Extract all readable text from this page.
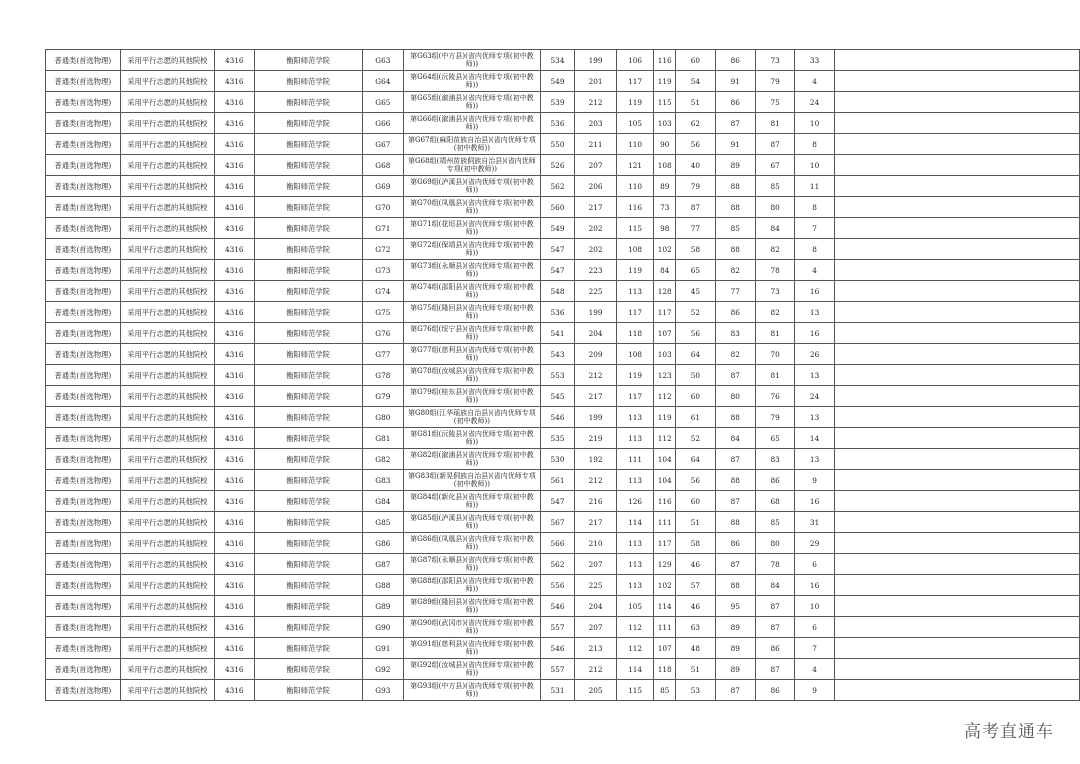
普通类(首选物理)	采用平行志愿的其他院校	4316	衡阳师范学院	G63	第G63组(中方县)(省内优师专项(初中教师))	534	199	106	116	60	86	73	33	
普通类(首选物理)	采用平行志愿的其他院校	4316	衡阳师范学院	G64	第G64组(沅陵县)(省内优师专项(初中教师))	549	201	117	119	54	91	79	4	
普通类(首选物理)	采用平行志愿的其他院校	4316	衡阳师范学院	G65	第G65组(溆浦县)(省内优师专项(初中教师))	539	212	119	115	51	86	75	24	
普通类(首选物理)	采用平行志愿的其他院校	4316	衡阳师范学院	G66	第G66组(溆浦县)(省内优师专项(初中教师))	536	203	105	103	62	87	81	10	
普通类(首选物理)	采用平行志愿的其他院校	4316	衡阳师范学院	G67	第G67组(麻阳苗族自治县)(省内优师专项(初中教师))	550	211	110	90	56	91	87	8	
普通类(首选物理)	采用平行志愿的其他院校	4316	衡阳师范学院	G68	第G68组(靖州苗族侗族自治县)(省内优师专项(初中教师))	526	207	121	108	40	89	67	10	
普通类(首选物理)	采用平行志愿的其他院校	4316	衡阳师范学院	G69	第G69组(泸溪县)(省内优师专项(初中教师))	562	206	110	89	79	88	85	11	
普通类(首选物理)	采用平行志愿的其他院校	4316	衡阳师范学院	G70	第G70组(凤凰县)(省内优师专项(初中教师))	560	217	116	73	87	88	80	8	
普通类(首选物理)	采用平行志愿的其他院校	4316	衡阳师范学院	G71	第G71组(花垣县)(省内优师专项(初中教师))	549	202	115	98	77	85	84	7	
普通类(首选物理)	采用平行志愿的其他院校	4316	衡阳师范学院	G72	第G72组(保靖县)(省内优师专项(初中教师))	547	202	108	102	58	88	82	8	
普通类(首选物理)	采用平行志愿的其他院校	4316	衡阳师范学院	G73	第G73组(永顺县)(省内优师专项(初中教师))	547	223	119	84	65	82	78	4	
普通类(首选物理)	采用平行志愿的其他院校	4316	衡阳师范学院	G74	第G74组(邵阳县)(省内优师专项(初中教师))	548	225	113	128	45	77	73	16	
普通类(首选物理)	采用平行志愿的其他院校	4316	衡阳师范学院	G75	第G75组(隆回县)(省内优师专项(初中教师))	536	199	117	117	52	86	82	13	
普通类(首选物理)	采用平行志愿的其他院校	4316	衡阳师范学院	G76	第G76组(绥宁县)(省内优师专项(初中教师))	541	204	118	107	56	83	81	16	
普通类(首选物理)	采用平行志愿的其他院校	4316	衡阳师范学院	G77	第G77组(慈利县)(省内优师专项(初中教师))	543	209	108	103	64	82	70	26	
普通类(首选物理)	采用平行志愿的其他院校	4316	衡阳师范学院	G78	第G78组(汝城县)(省内优师专项(初中教师))	553	212	119	123	50	87	81	13	
普通类(首选物理)	采用平行志愿的其他院校	4316	衡阳师范学院	G79	第G79组(桂东县)(省内优师专项(初中教师))	545	217	117	112	60	80	76	24	
普通类(首选物理)	采用平行志愿的其他院校	4316	衡阳师范学院	G80	第G80组(江华瑶族自治县)(省内优师专项(初中教师))	546	199	113	119	61	88	79	13	
普通类(首选物理)	采用平行志愿的其他院校	4316	衡阳师范学院	G81	第G81组(沅陵县)(省内优师专项(初中教师))	535	219	113	112	52	84	65	14	
普通类(首选物理)	采用平行志愿的其他院校	4316	衡阳师范学院	G82	第G82组(溆浦县)(省内优师专项(初中教师))	530	192	111	104	64	87	83	13	
普通类(首选物理)	采用平行志愿的其他院校	4316	衡阳师范学院	G83	第G83组(新晃侗族自治县)(省内优师专项(初中教师))	561	212	113	104	56	88	86	9	
普通类(首选物理)	采用平行志愿的其他院校	4316	衡阳师范学院	G84	第G84组(新化县)(省内优师专项(初中教师))	547	216	126	116	60	87	68	16	
普通类(首选物理)	采用平行志愿的其他院校	4316	衡阳师范学院	G85	第G85组(泸溪县)(省内优师专项(初中教师))	567	217	114	111	51	88	85	31	
普通类(首选物理)	采用平行志愿的其他院校	4316	衡阳师范学院	G86	第G86组(凤凰县)(省内优师专项(初中教师))	566	210	113	117	58	86	80	29	
普通类(首选物理)	采用平行志愿的其他院校	4316	衡阳师范学院	G87	第G87组(永顺县)(省内优师专项(初中教师))	562	207	113	129	46	87	78	6	
普通类(首选物理)	采用平行志愿的其他院校	4316	衡阳师范学院	G88	第G88组(邵阳县)(省内优师专项(初中教师))	556	225	113	102	57	88	84	16	
普通类(首选物理)	采用平行志愿的其他院校	4316	衡阳师范学院	G89	第G89组(隆回县)(省内优师专项(初中教师))	546	204	105	114	46	95	87	10	
普通类(首选物理)	采用平行志愿的其他院校	4316	衡阳师范学院	G90	第G90组(武冈市)(省内优师专项(初中教师))	557	207	112	111	63	89	87	6	
普通类(首选物理)	采用平行志愿的其他院校	4316	衡阳师范学院	G91	第G91组(慈利县)(省内优师专项(初中教师))	546	213	112	107	48	89	86	7	
普通类(首选物理)	采用平行志愿的其他院校	4316	衡阳师范学院	G92	第G92组(汝城县)(省内优师专项(初中教师))	557	212	114	118	51	89	87	4	
普通类(首选物理)	采用平行志愿的其他院校	4316	衡阳师范学院	G93	第G93组(中方县)(省内优师专项(初中教师))	531	205	115	85	53	87	86	9	
高考直通车
